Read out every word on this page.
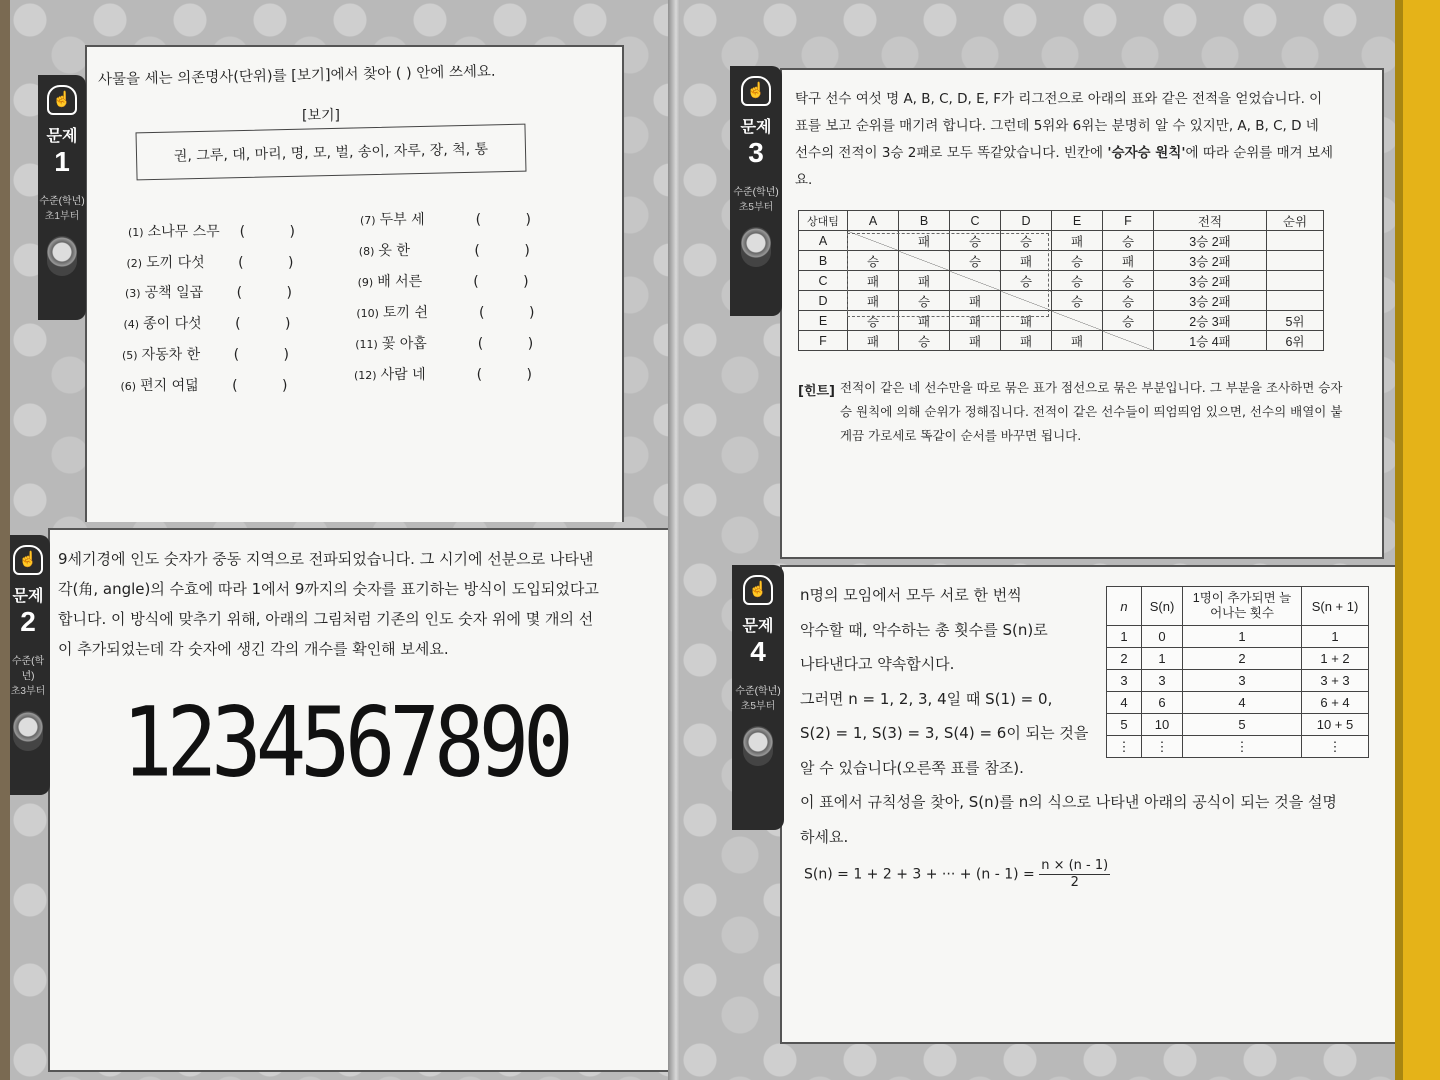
☝
문제
1
수준(학년)
초1부터
사물을 세는 의존명사(단위)를 [보기]에서 찾아 ( ) 안에 쓰세요.
[보기]
권, 그루, 대, 마리, 명, 모, 벌, 송이, 자루, 장, 척, 통
(1) 소나무 스무 (          )
(2) 도끼 다섯 (          )
(3) 공책 일곱 (          )
(4) 종이 다섯 (          )
(5) 자동차 한 (          )
(6) 편지 여덟 (          )
(7) 두부 세	(          )
(8) 옷 한	(          )
(9) 배 서른	(          )
(10) 토끼 쉰	(          )
(11) 꽃 아홉	(          )
(12) 사람 네	(          )
☝
문제
2
수준(학년)
초3부터
9세기경에 인도 숫자가 중동 지역으로 전파되었습니다. 그 시기에 선분으로 나타낸 각(角, angle)의 수효에 따라 1에서 9까지의 숫자를 표기하는 방식이 도입되었다고 합니다. 이 방식에 맞추기 위해, 아래의 그림처럼 기존의 인도 숫자 위에 몇 개의 선이 추가되었는데 각 숫자에 생긴 각의 개수를 확인해 보세요.
1234567890
☝
문제
3
수준(학년)
초5부터
탁구 선수 여섯 명 A, B, C, D, E, F가 리그전으로 아래의 표와 같은 전적을 얻었습니다. 이 표를 보고 순위를 매기려 합니다. 그런데 5위와 6위는 분명히 알 수 있지만, A, B, C, D 네 선수의 전적이 3승 2패로 모두 똑같았습니다. 빈칸에 '승자승 원칙'에 따라 순위를 매겨 보세요.
상대팀	A	B	C	D	E	F	전적	순위
A		패	승	승	패	승	3승 2패	
B	승		승	패	승	패	3승 2패	
C	패	패		승	승	승	3승 2패	
D	패	승	패		승	승	3승 2패	
E	승	패	패	패		승	2승 3패	5위
F	패	승	패	패	패		1승 4패	6위
[힌트] 전적이 같은 네 선수만을 따로 묶은 표가 점선으로 묶은 부분입니다. 그 부분을 조사하면 승자승 원칙에 의해 순위가 정해집니다. 전적이 같은 선수들이 띄엄띄엄 있으면, 선수의 배열이 붙게끔 가로세로 똑같이 순서를 바꾸면 됩니다.
☝
문제
4
수준(학년)
초5부터
n명의 모임에서 모두 서로 한 번씩
악수할 때, 악수하는 총 횟수를 S(n)로
나타낸다고 약속합시다.
그러면 n = 1, 2, 3, 4일 때 S(1) = 0,
S(2) = 1, S(3) = 3, S(4) = 6이 되는 것을
알 수 있습니다(오른쪽 표를 참조).
이 표에서 규칙성을 찾아, S(n)를 n의 식으로 나타낸 아래의 공식이 되는 것을 설명
하세요.
S(n) = 1 + 2 + 3 + ··· + $(n - 1) = \frac{n \times (n - 1)}{2}$
n	S(n)	1명이 추가되면 늘어나는 횟수	S(n + 1)
1	0	1	1
2	1	2	1 + 2
3	3	3	3 + 3
4	6	4	6 + 4
5	10	5	10 + 5
⋮	⋮	⋮	⋮
